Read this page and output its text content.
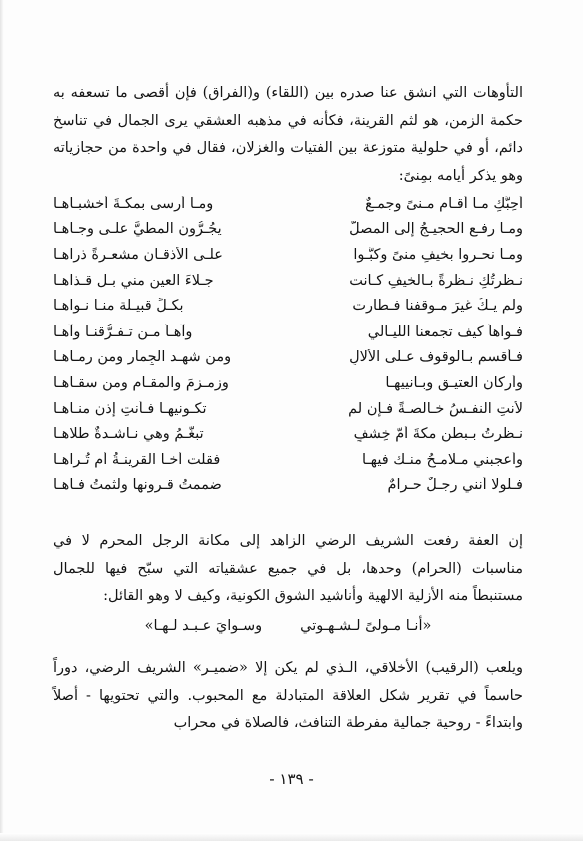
التأوهات التي انشق عنا صدره بين (اللقاء) و(الفراق) فإن أقصى ما تسعفه به حكمة الزمن، هو لثم القرينة، فكأنه في مذهبه العشقي يرى الجمال في تناسخ دائم، أو في حلولية متوزعة بين الفتيات والغزلان، فقال في واحدة من حجازياته وهو يذكر أيامه بمِنىً:

أُحِبُّكِ مـا أقـام مـنىً وجمـعٌ
ومـا أرسى بمكـةَ أخشبـاهـا
ومـا رفـع الحجيـجُ إلى المصلّ
يجُـرُّون المطيَّ علـى وجـاهـا
ومـا نحـروا بخيفِ منىً وكبُّـوا
علـى الأذقـان مشعـرةً ذراهـا
نـظرتُكِ نـظرةً بـالخيفِ كـانت
جـلاءَ العين مني بـل قـذاهـا
ولم يـكُ غيرَ مـوقفنا فـطارت
بكـلِّ قبيـلة منـا نـواهـا
فـواهاً كيف تجمعنا الليـالي
وآهـاً مـن تـفـرُّقنـا وآهـا
فـأقسم بـالوقوف عـلى الألالِ
ومن شهِـد الجِمار ومن رمـاهـا
وأركان العتيـقِ وبـانييهـا
وزمـزمَ والمقـام ومن سقـاهـا
لأنتِ النفـسُ خـالصـةً فـإن لم
تكـونيهـا فـأنتِ إذن منـاهـا
نـظرتُ بـبطن مكةَ أمّ خِشفٍ
تبغَّـمُ وهي نـاشـدةٌ طلاهـا
وأعجبني مـلامـحُ منـك فيهـا
فقلت أخـا القرينـةُ أم تُـراهـا
فـلولا أنني رجـلٌ حـرامٌ
ضممتُ قـرونها ولثمتُ فـاهـا

إن العفة رفعت الشريف الرضي الزاهد إلى مكانة الرجل المحرم لا في مناسبات (الحرام) وحدها، بل في جميع عشقياته التي سبّح فيها للجمال مستنبطاً منه الأزلية الالهية وأناشيد الشوق الكونية، وكيف لا وهو القائل:

«أنـا مـولىً لـشـهـوتي
وسـوايَ عـبـد لـهـا»

ويلعب (الرقيب) الأخلاقي، الـذي لم يكن إلا «ضميـر» الشريف الرضي، دوراً حاسماً في تقرير شكل العلاقة المتبادلة مع المحبوب. والتي تحتويها - أصلاً وابتداءً - روحية جمالية مفرطة التنافث، فالصلاة في محراب

- ١٣٩ -
